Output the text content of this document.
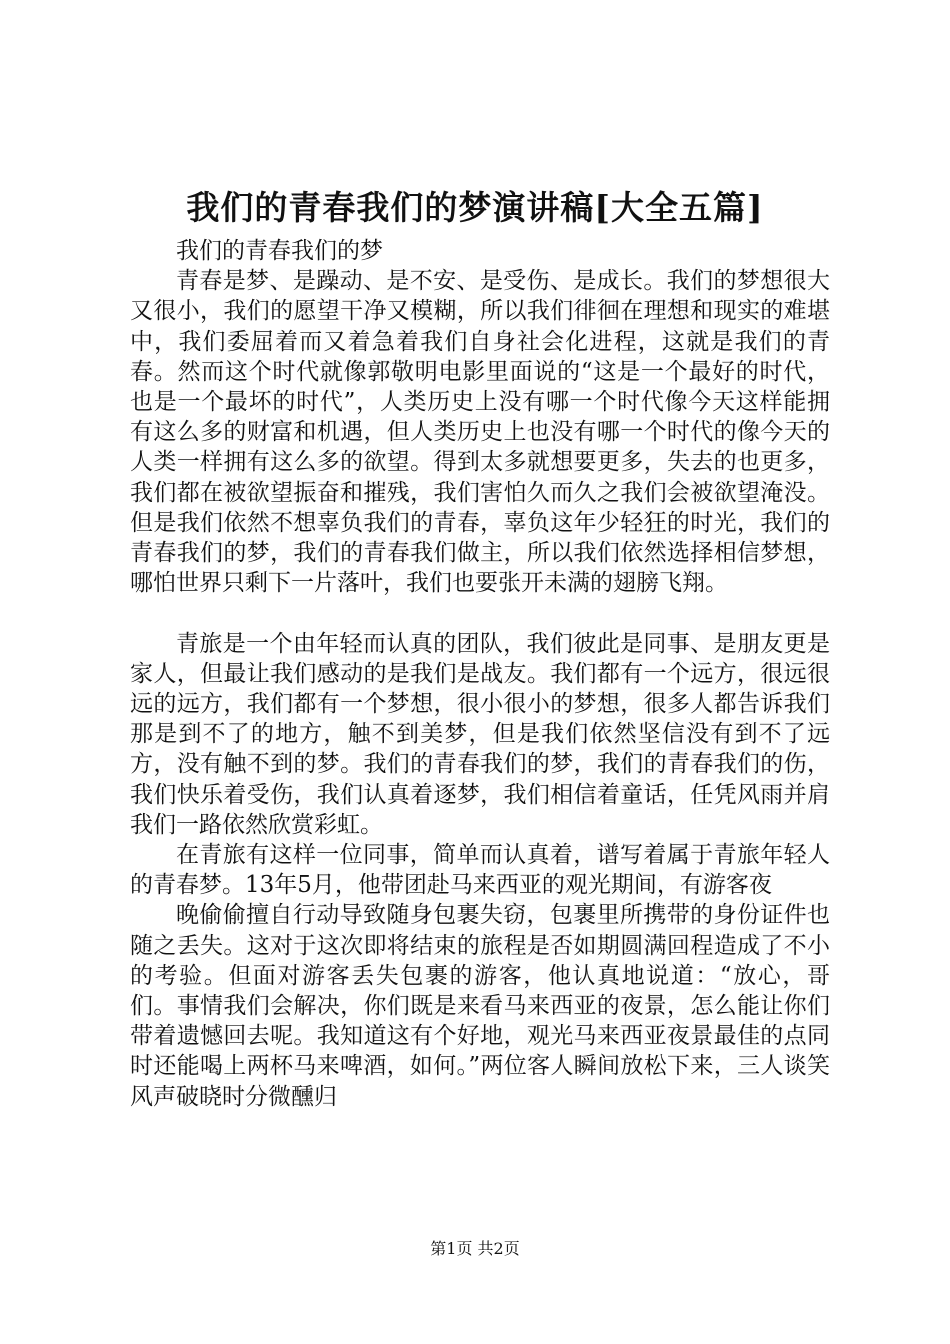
我们的青春我们的梦演讲稿[大全五篇]

我们的青春我们的梦

青春是梦、是躁动、是不安、是受伤、是成长。我们的梦想很大又很小，我们的愿望干净又模糊，所以我们徘徊在理想和现实的难堪中，我们委屈着而又着急着我们自身社会化进程，这就是我们的青春。然而这个时代就像郭敬明电影里面说的“这是一个最好的时代，也是一个最坏的时代”，人类历史上没有哪一个时代像今天这样能拥有这么多的财富和机遇，但人类历史上也没有哪一个时代的像今天的人类一样拥有这么多的欲望。得到太多就想要更多，失去的也更多，我们都在被欲望振奋和摧残，我们害怕久而久之我们会被欲望淹没。但是我们依然不想辜负我们的青春，辜负这年少轻狂的时光，我们的青春我们的梦，我们的青春我们做主，所以我们依然选择相信梦想，哪怕世界只剩下一片落叶，我们也要张开未满的翅膀飞翔。

青旅是一个由年轻而认真的团队，我们彼此是同事、是朋友更是家人，但最让我们感动的是我们是战友。我们都有一个远方，很远很远的远方，我们都有一个梦想，很小很小的梦想，很多人都告诉我们那是到不了的地方，触不到美梦，但是我们依然坚信没有到不了远方，没有触不到的梦。我们的青春我们的梦，我们的青春我们的伤，我们快乐着受伤，我们认真着逐梦，我们相信着童话，任凭风雨并肩我们一路依然欣赏彩虹。

在青旅有这样一位同事，简单而认真着，谱写着属于青旅年轻人的青春梦。13年5月，他带团赴马来西亚的观光期间，有游客夜

晚偷偷擅自行动导致随身包裹失窃，包裹里所携带的身份证件也随之丢失。这对于这次即将结束的旅程是否如期圆满回程造成了不小的考验。但面对游客丢失包裹的游客，他认真地说道：“放心，哥们。事情我们会解决，你们既是来看马来西亚的夜景，怎么能让你们带着遗憾回去呢。我知道这有个好地，观光马来西亚夜景最佳的点同时还能喝上两杯马来啤酒，如何。”两位客人瞬间放松下来，三人谈笑风声破晓时分微醺归

第1页 共2页
